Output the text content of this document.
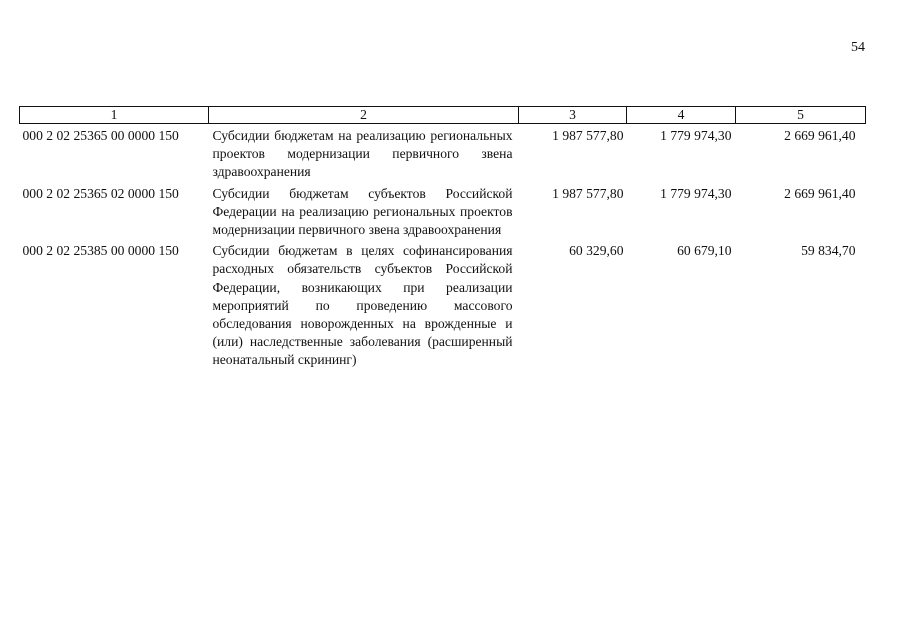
54
1	2	3	4	5
000 2 02 25365 00 0000 150	Субсидии бюджетам на реализацию региональных проектов модернизации первичного звена здравоохранения	1 987 577,80	1 779 974,30	2 669 961,40
000 2 02 25365 02 0000 150	Субсидии бюджетам субъектов Российской Федерации на реализацию региональных проектов модернизации первичного звена здравоохранения	1 987 577,80	1 779 974,30	2 669 961,40
000 2 02 25385 00 0000 150	Субсидии бюджетам в целях софинансирования расходных обязательств субъектов Российской Федерации, возникающих при реализации мероприятий по проведению массового обследования новорожденных на врожденные и (или) наследственные заболевания (расширенный неонатальный скрининг)	60 329,60	60 679,10	59 834,70
